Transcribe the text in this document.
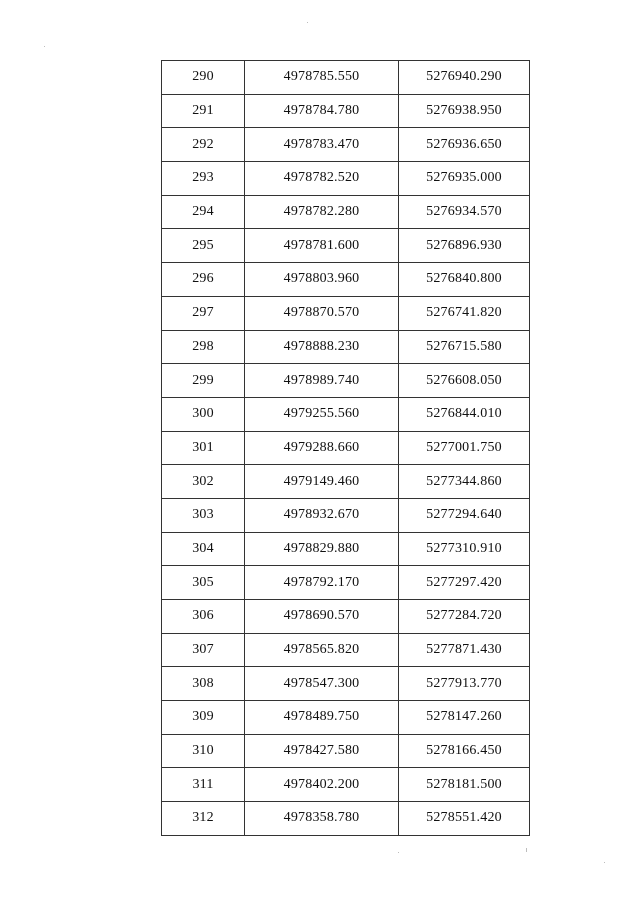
290	4978785.550	5276940.290
291	4978784.780	5276938.950
292	4978783.470	5276936.650
293	4978782.520	5276935.000
294	4978782.280	5276934.570
295	4978781.600	5276896.930
296	4978803.960	5276840.800
297	4978870.570	5276741.820
298	4978888.230	5276715.580
299	4978989.740	5276608.050
300	4979255.560	5276844.010
301	4979288.660	5277001.750
302	4979149.460	5277344.860
303	4978932.670	5277294.640
304	4978829.880	5277310.910
305	4978792.170	5277297.420
306	4978690.570	5277284.720
307	4978565.820	5277871.430
308	4978547.300	5277913.770
309	4978489.750	5278147.260
310	4978427.580	5278166.450
311	4978402.200	5278181.500
312	4978358.780	5278551.420
